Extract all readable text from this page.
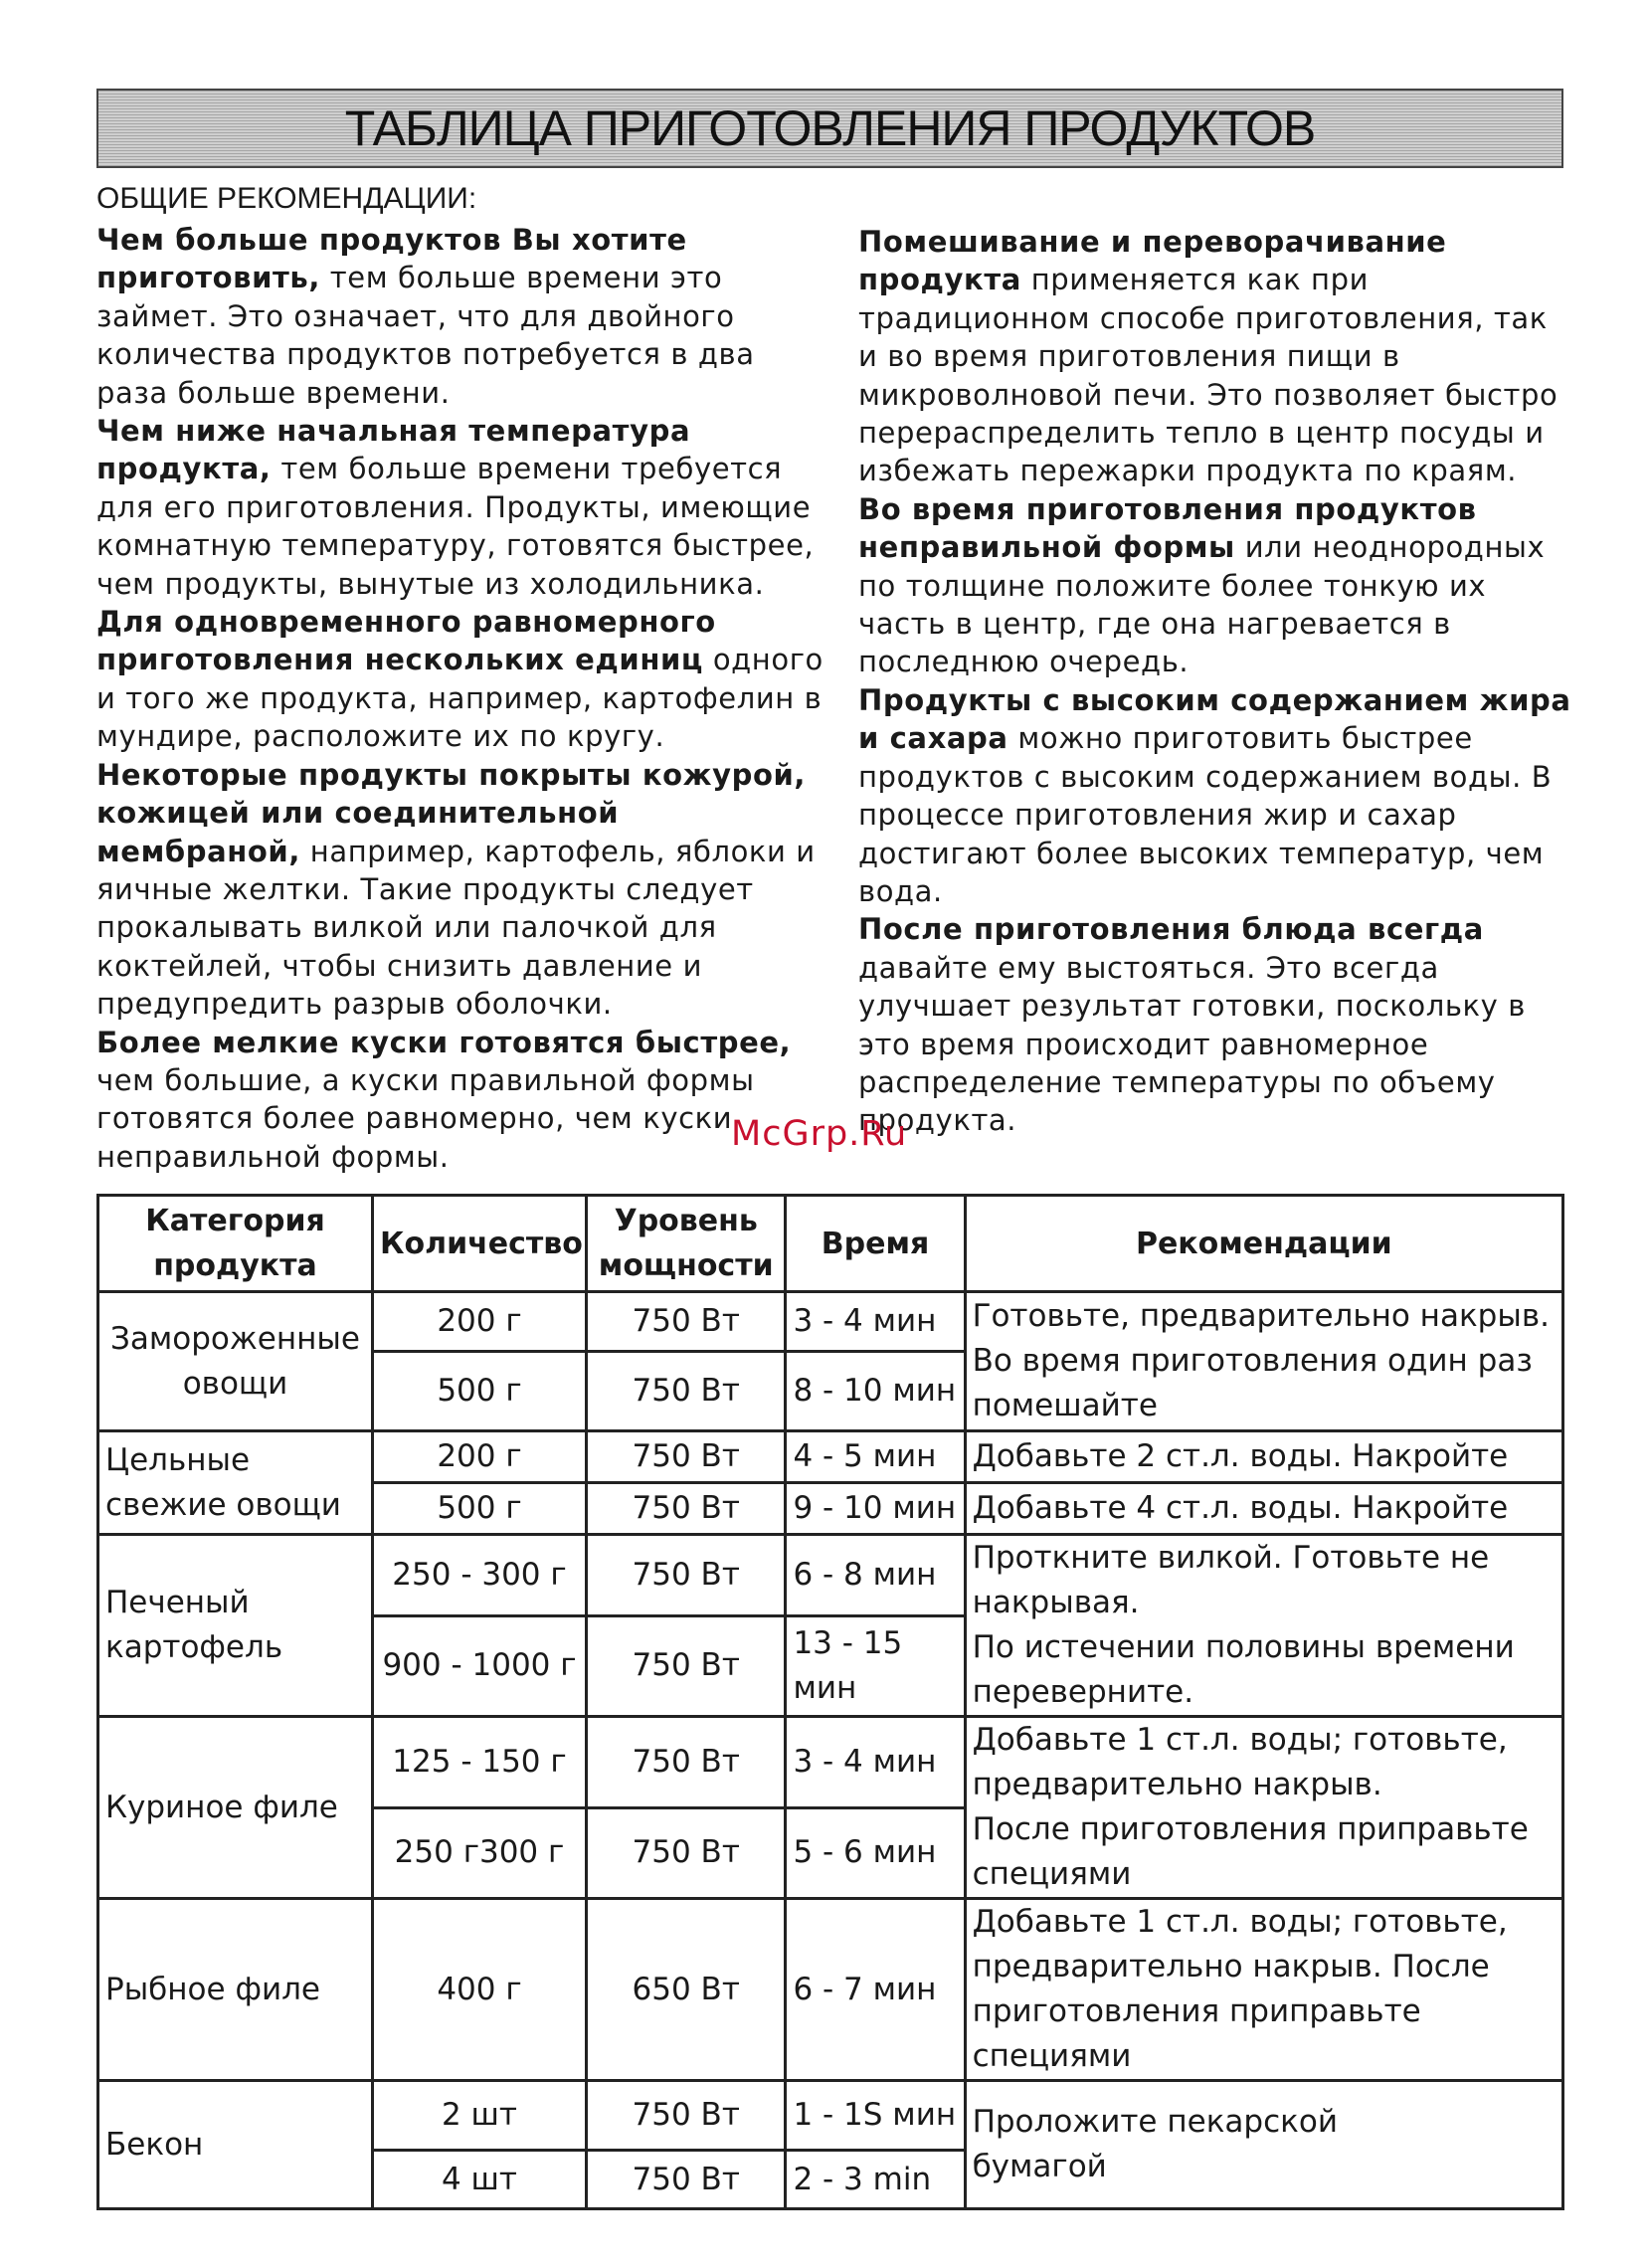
ТАБЛИЦА ПРИГОТОВЛЕНИЯ ПРОДУКТОВ
ОБЩИЕ РЕКОМЕНДАЦИИ:

Чем больше продуктов Вы хотите приготовить, тем больше времени это займет. Это означает, что для двойного количества продуктов потребуется в два раза больше времени.

Чем ниже начальная температура продукта, тем больше времени требуется для его приготовления. Продукты, имеющие комнатную температуру, готовятся быстрее, чем продукты, вынутые из холодильника.

Для одновременного равномерного приготовления нескольких единиц одного и того же продукта, например, картофелин в мундире, расположите их по кругу.

Некоторые продукты покрыты кожурой, кожицей или соединительной мембраной, например, картофель, яблоки и яичные желтки. Такие продукты следует прокалывать вилкой или палочкой для коктейлей, чтобы снизить давление и предупредить разрыв оболочки.

Более мелкие куски готовятся быстрее, чем большие, а куски правильной формы готовятся более равномерно, чем куски неправильной формы.

Помешивание и переворачивание продукта применяется как при традиционном способе приготовления, так и во время приготовления пищи в микроволновой печи. Это позволяет быстро перераспределить тепло в центр посуды и избежать пережарки продукта по краям.

Во время приготовления продуктов неправильной формы или неоднородных по толщине положите более тонкую их часть в центр, где она нагревается в последнюю очередь.

Продукты с высоким содержанием жира и сахара можно приготовить быстрее продуктов с высоким содержанием воды. В процессе приготовления жир и сахар достигают более высоких температур, чем вода.

После приготовления блюда всегда давайте ему выстояться. Это всегда улучшает результат готовки, поскольку в это время происходит равномерное распределение температуры по объему продукта.

McGrp.Ru
Категория продукта	Количество	Уровень мощности	Время	Рекомендации
Замороженные овощи	200 г	750 Вт	3 - 4 мин	Готовьте, предварительно накрыв.
Во время приготовления один раз помешайте

	500 г	750 Вт	8 - 10 мин	
Цельные свежие овощи	200 г	750 Вт	4 - 5 мин	Добавьте 2 ст.л. воды. Накройте
	500 г	750 Вт	9 - 10 мин	Добавьте 4 ст.л. воды. Накройте
Печеный картофель	250 - 300 г	750 Вт	6 - 8 мин	Проткните вилкой. Готовьте не накрывая.
По истечении половины времени переверните.

	900 - 1000 г	750 Вт	13 - 15 мин	
Куриное филе	125 - 150 г	750 Вт	3 - 4 мин	Добавьте 1 ст.л. воды; готовьте, предварительно накрыв.
После приготовления приправьте специями

	250 г300 г	750 Вт	5 - 6 мин	
Рыбное филе	400 г	650 Вт	6 - 7 мин	Добавьте 1 ст.л. воды; готовьте, предварительно накрыв. После приготовления приправьте специями
Бекон	2 шт	750 Вт	1 - 1S мин	Проложите пекарской
бумагой

	4 шт	750 Вт	2 - 3 min	
